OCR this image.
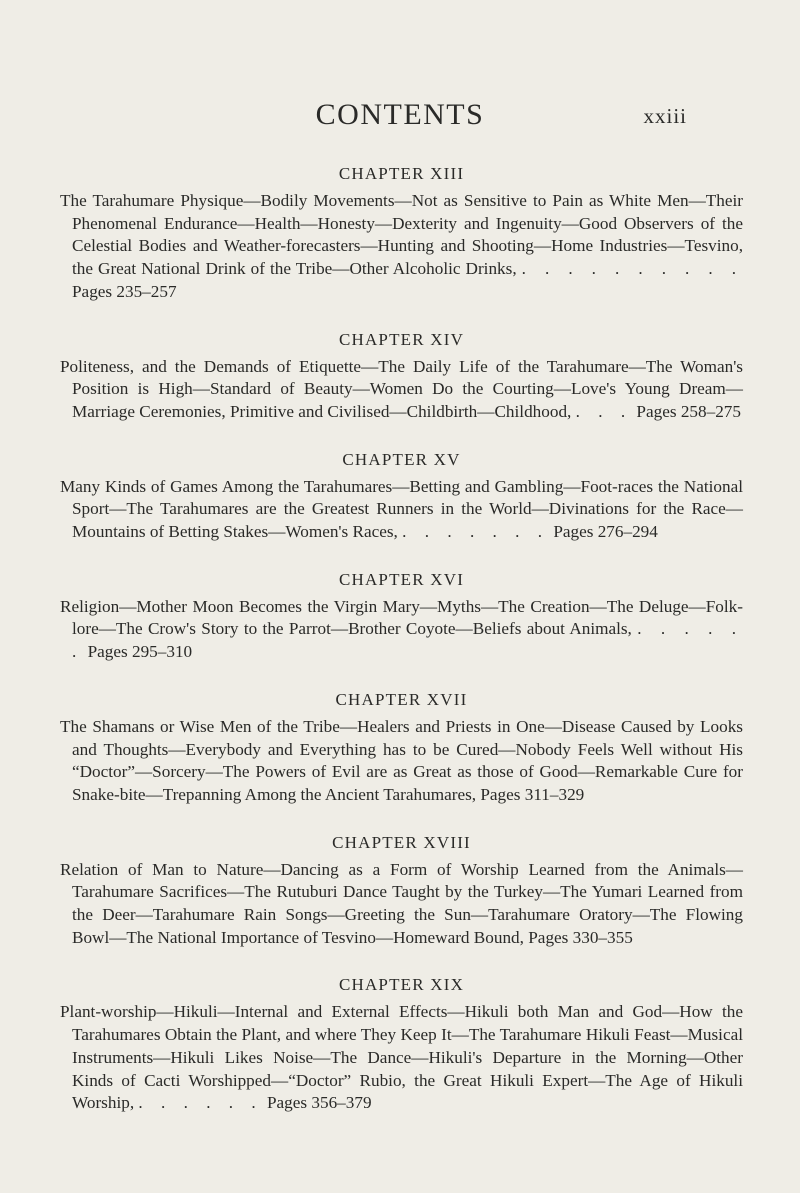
CONTENTS	xxiii
CHAPTER XIII

The Tarahumare Physique—Bodily Movements—Not as Sensitive to Pain as White Men—Their Phenomenal Endurance—Health—Honesty—Dexterity and Ingenuity—Good Observers of the Celestial Bodies and Weather-forecasters—Hunting and Shooting—Home Industries—Tesvino, the Great National Drink of the Tribe—Other Alcoholic Drinks, . . . . . . . . . . Pages 235–257

CHAPTER XIV

Politeness, and the Demands of Etiquette—The Daily Life of the Tarahumare—The Woman's Position is High—Standard of Beauty—Women Do the Courting—Love's Young Dream—Marriage Ceremonies, Primitive and Civilised—Childbirth—Childhood, . . . Pages 258–275

CHAPTER XV

Many Kinds of Games Among the Tarahumares—Betting and Gambling—Foot-races the National Sport—The Tarahumares are the Greatest Runners in the World—Divinations for the Race—Mountains of Betting Stakes—Women's Races, . . . . . . . Pages 276–294

CHAPTER XVI

Religion—Mother Moon Becomes the Virgin Mary—Myths—The Creation—The Deluge—Folk-lore—The Crow's Story to the Parrot—Brother Coyote—Beliefs about Animals, . . . . . . Pages 295–310

CHAPTER XVII

The Shamans or Wise Men of the Tribe—Healers and Priests in One—Disease Caused by Looks and Thoughts—Everybody and Everything has to be Cured—Nobody Feels Well without His “Doctor”—Sorcery—The Powers of Evil are as Great as those of Good—Remarkable Cure for Snake-bite—Trepanning Among the Ancient Tarahumares, Pages 311–329

CHAPTER XVIII

Relation of Man to Nature—Dancing as a Form of Worship Learned from the Animals—Tarahumare Sacrifices—The Rutuburi Dance Taught by the Turkey—The Yumari Learned from the Deer—Tarahumare Rain Songs—Greeting the Sun—Tarahumare Oratory—The Flowing Bowl—The National Importance of Tesvino—Homeward Bound, Pages 330–355

CHAPTER XIX

Plant-worship—Hikuli—Internal and External Effects—Hikuli both Man and God—How the Tarahumares Obtain the Plant, and where They Keep It—The Tarahumare Hikuli Feast—Musical Instruments—Hikuli Likes Noise—The Dance—Hikuli's Departure in the Morning—Other Kinds of Cacti Worshipped—“Doctor” Rubio, the Great Hikuli Expert—The Age of Hikuli Worship, . . . . . . Pages 356–379
